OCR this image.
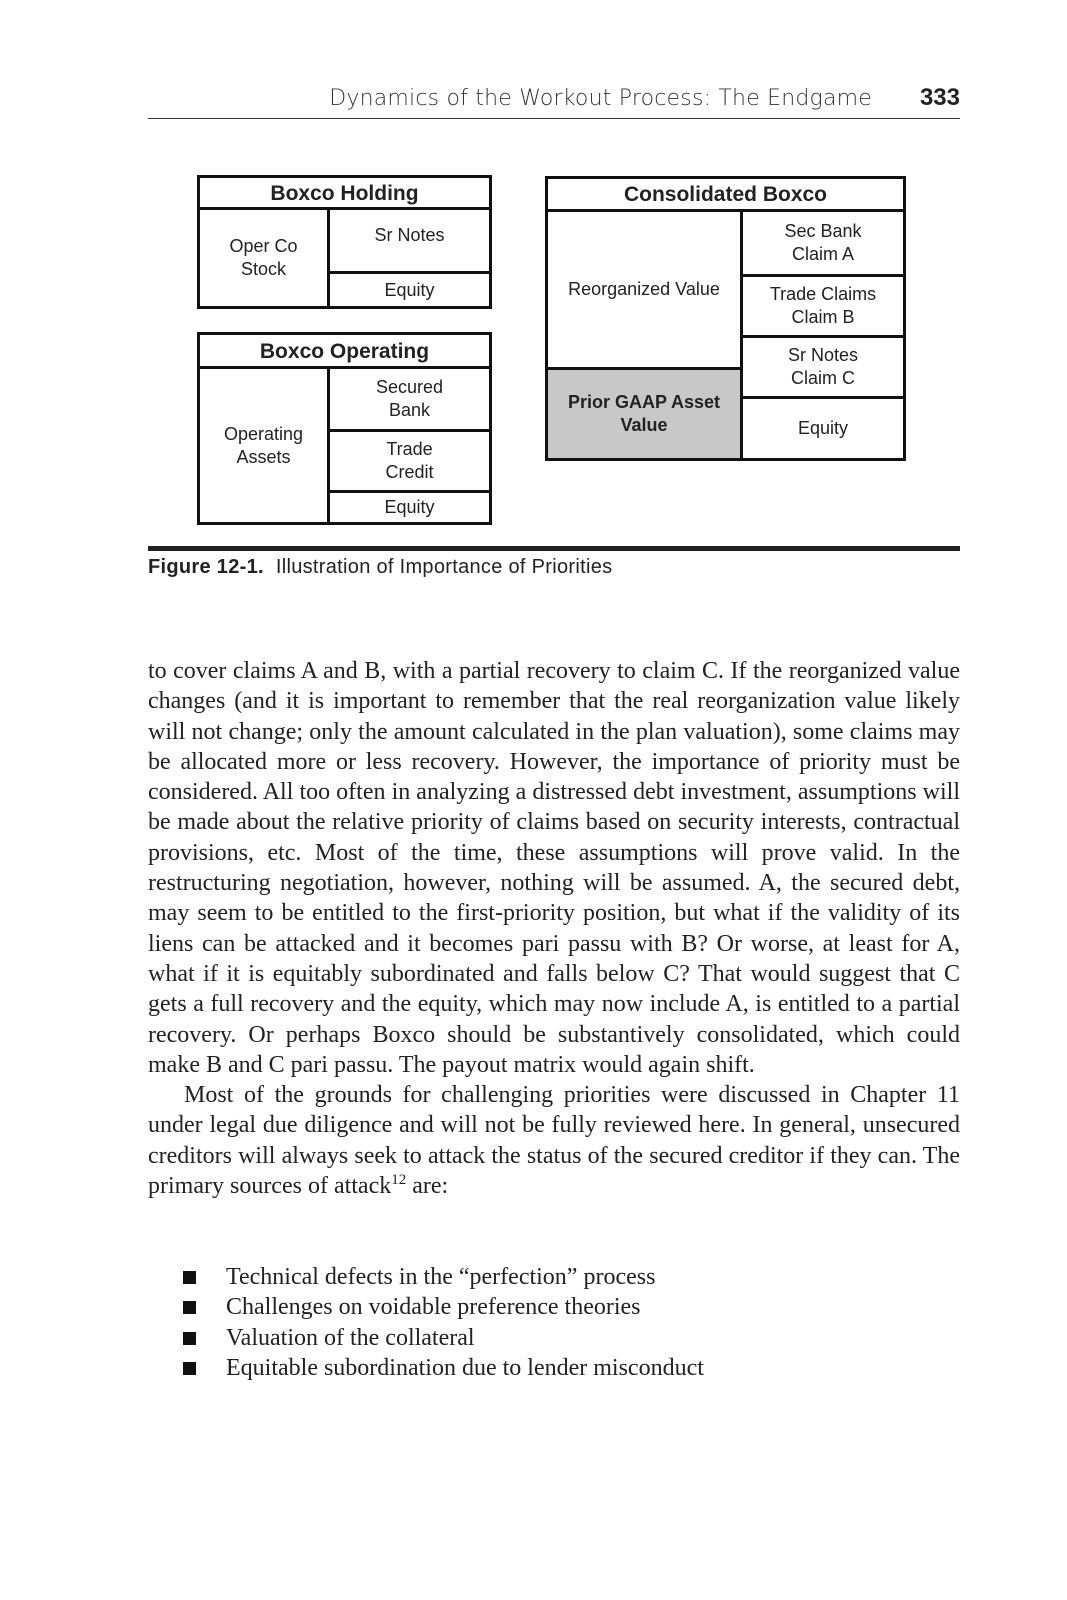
Dynamics of the Workout Process: The Endgame 333
Boxco Holding
Oper Co
Stock
Sr Notes
Equity
Boxco Operating
Operating
Assets
Secured
Bank
Trade
Credit
Equity
Consolidated Boxco
Reorganized Value
Prior GAAP Asset
Value
Sec Bank
Claim A
Trade Claims
Claim B
Sr Notes
Claim C
Equity
Figure 12-1. Illustration of Importance of Priorities

to cover claims A and B, with a partial recovery to claim C. If the reorganized value changes (and it is important to remember that the real reorganization value likely will not change; only the amount calculated in the plan valuation), some claims may be allocated more or less recovery. However, the importance of priority must be considered. All too often in analyzing a distressed debt investment, assumptions will be made about the relative priority of claims based on security interests, contractual provisions, etc. Most of the time, these assumptions will prove valid. In the restructuring negotiation, however, nothing will be assumed. A, the secured debt, may seem to be entitled to the first-priority position, but what if the validity of its liens can be attacked and it becomes pari passu with B? Or worse, at least for A, what if it is equitably subordinated and falls below C? That would suggest that C gets a full recovery and the equity, which may now include A, is entitled to a partial recovery. Or perhaps Boxco should be substantively consolidated, which could make B and C pari passu. The payout matrix would again shift.

Most of the grounds for challenging priorities were discussed in Chapter 11 under legal due diligence and will not be fully reviewed here. In general, unsecured creditors will always seek to attack the status of the secured creditor if they can. The primary sources of attack$^{12}$ are:

Technical defects in the “perfection” process
Challenges on voidable preference theories
Valuation of the collateral
Equitable subordination due to lender misconduct
